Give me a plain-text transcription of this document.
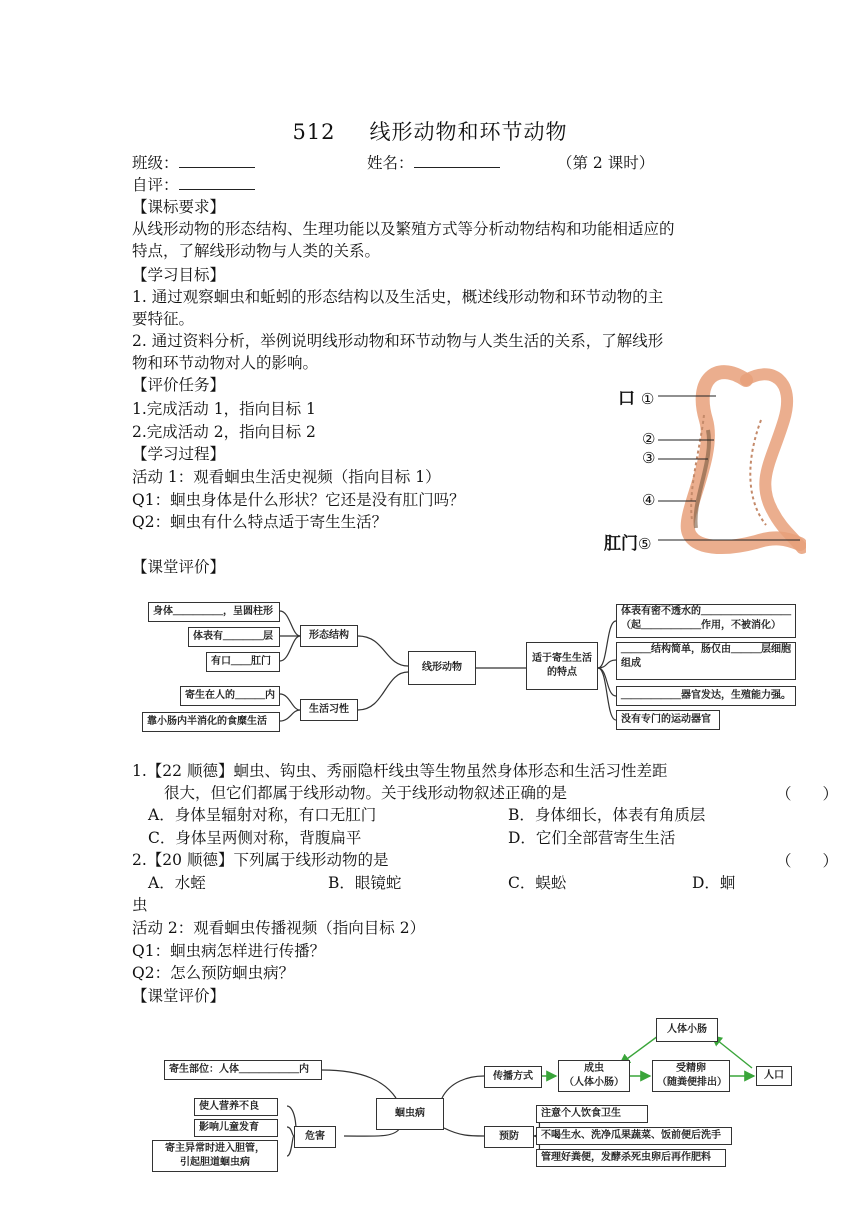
512 线形动物和环节动物
班级：	姓名：	（第 2 课时）
自评：
【课标要求】
从线形动物的形态结构、生理功能以及繁殖方式等分析动物结构和功能相适应的
特点，了解线形动物与人类的关系。
【学习目标】
1. 通过观察蛔虫和蚯蚓的形态结构以及生活史，概述线形动物和环节动物的主
要特征。
2. 通过资料分析，举例说明线形动物和环节动物与人类生活的关系，了解线形
物和环节动物对人的影响。
【评价任务】
1.完成活动 1，指向目标 1
2.完成活动 2，指向目标 2
【学习过程】
活动 1：观看蛔虫生活史视频（指向目标 1）
Q1：蛔虫身体是什么形状？它还是没有肛门吗？
Q2：蛔虫有什么特点适于寄生生活？
【课堂评价】
口 ①
②
③
④
肛门⑤
身体＿＿＿＿＿，呈圆柱形
体表有＿＿＿＿层
有口＿＿肛门
形态结构
寄生在人的＿＿＿内
靠小肠内半消化的食糜生活
生活习性
线形动物
适于寄生生活的特点
体表有密不透水的＿＿＿＿＿＿＿＿＿
（起＿＿＿＿＿＿作用，不被消化）
＿＿＿结构简单，肠仅由＿＿＿层细胞
组成
＿＿＿＿＿＿器官发达，生殖能力强。
没有专门的运动器官
1.【22 顺德】蛔虫、钩虫、秀丽隐杆线虫等生物虽然身体形态和生活习性差距
很大，但它们都属于线形动物。关于线形动物叙述正确的是	（　　）
A．身体呈辐射对称，有口无肛门	B．身体细长，体表有角质层
C．身体呈两侧对称，背腹扁平	D．它们全部营寄生生活
2.【20 顺德】下列属于线形动物的是	（　　）
A．水蛭	B．眼镜蛇	C．蜈蚣	D．蛔
虫
活动 2：观看蛔虫传播视频（指向目标 2）
Q1：蛔虫病怎样进行传播？
Q2：怎么预防蛔虫病？
【课堂评价】
寄生部位：人体＿＿＿＿＿＿内
蛔虫病
传播方式
成虫
（人体小肠）
受精卵
（随粪便排出）
人口
人体小肠
使人营养不良
影响儿童发育
寄主异常时进入胆管，
引起胆道蛔虫病
危害	预防
注意个人饮食卫生
不喝生水、洗净瓜果蔬菜、饭前便后洗手
管理好粪便，发酵杀死虫卵后再作肥料
